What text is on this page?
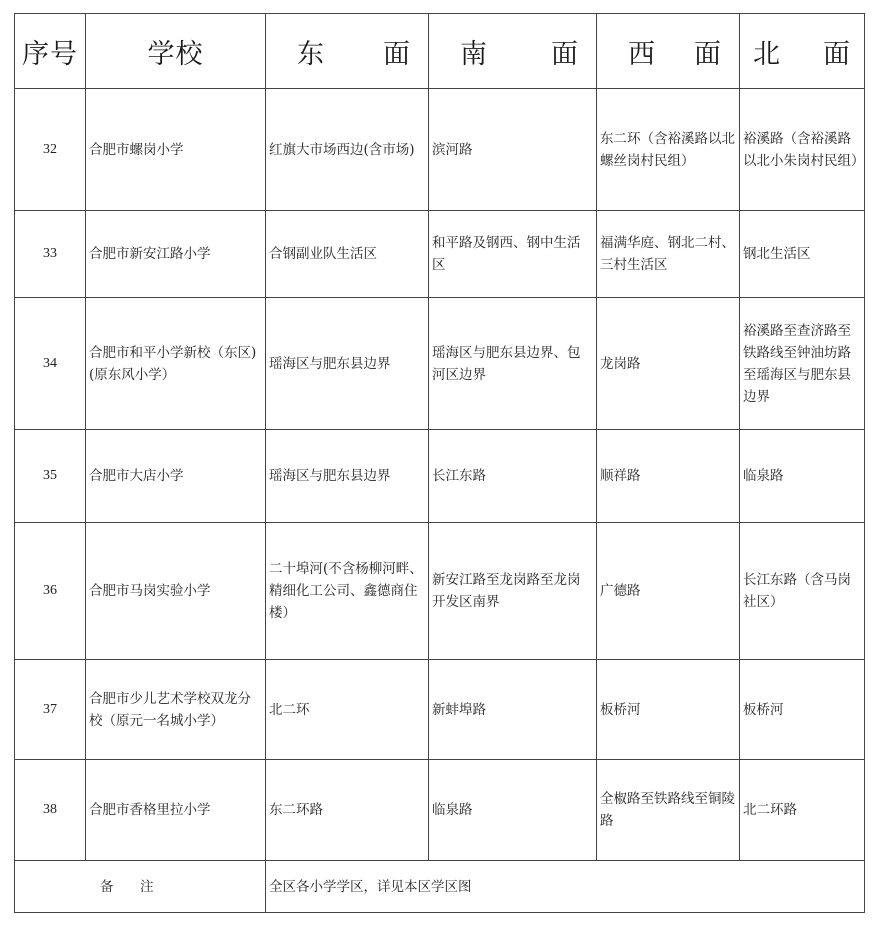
序号	学校	东 面	南 面	西 面	北 面

32	合肥市螺岗小学	红旗大市场西边(含市场)	滨河路	东二环（含裕溪路以北螺丝岗村民组）	裕溪路（含裕溪路以北小朱岗村民组）
33	合肥市新安江路小学	合钢副业队生活区	和平路及钢西、钢中生活区	福满华庭、钢北二村、三村生活区	钢北生活区
34	合肥市和平小学新校（东区)(原东风小学）	瑶海区与肥东县边界	瑶海区与肥东县边界、包河区边界	龙岗路	裕溪路至查济路至铁路线至钟油坊路至瑶海区与肥东县边界
35	合肥市大店小学	瑶海区与肥东县边界	长江东路	顺祥路	临泉路
36	合肥市马岗实验小学	二十埠河(不含杨柳河畔、精细化工公司、鑫德商住楼）	新安江路至龙岗路至龙岗开发区南界	广德路	长江东路（含马岗社区）
37	合肥市少儿艺术学校双龙分校（原元一名城小学）	北二环	新蚌埠路	板桥河	板桥河
38	合肥市香格里拉小学	东二环路	临泉路	全椒路至铁路线至铜陵路	北二环路

备 注		全区各小学学区，详见本区学区图			
